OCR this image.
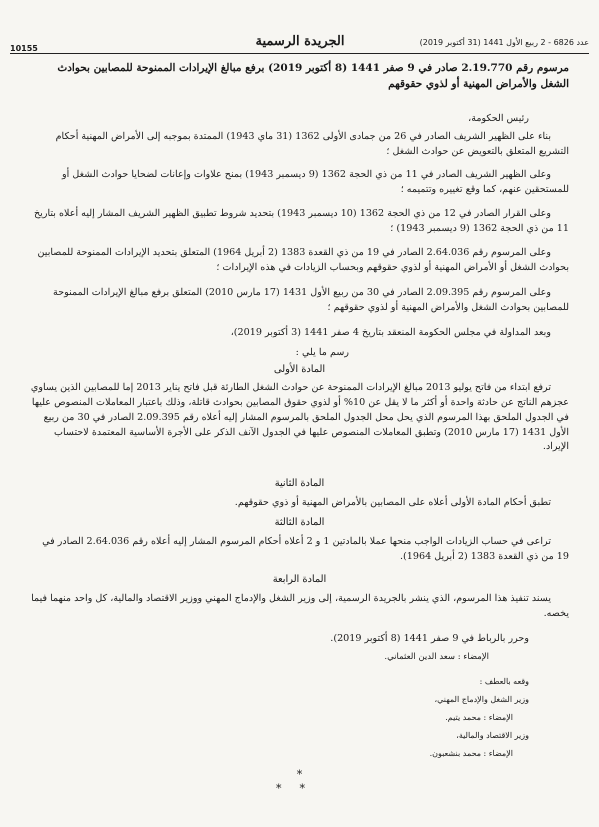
10155	الجريدة الرسمية	عدد 6826 - 2 ربيع الأول 1441 (31 أكتوبر 2019)
مرسوم رقم 2.19.770 صادر في 9 صفر 1441 (8 أكتوبر 2019) برفع مبالغ الإيرادات الممنوحة للمصابين بحوادث الشغل والأمراض المهنية أو لذوي حقوقهم
رئيس الحكومة،
بناء على الظهير الشريف الصادر في 26 من جمادى الأولى 1362 (31 ماي 1943) الممتدة بموجبه إلى الأمراض المهنية أحكام التشريع المتعلق بالتعويض عن حوادث الشغل ؛
وعلى الظهير الشريف الصادر في 11 من ذي الحجة 1362 (9 ديسمبر 1943) بمنح علاوات وإعانات لضحايا حوادث الشغل أو للمستحقين عنهم، كما وقع تغييره وتتميمه ؛
وعلى القرار الصادر في 12 من ذي الحجة 1362 (10 ديسمبر 1943) بتحديد شروط تطبيق الظهير الشريف المشار إليه أعلاه بتاريخ 11 من ذي الحجة 1362 (9 ديسمبر 1943) ؛
وعلى المرسوم رقم 2.64.036 الصادر في 19 من ذي القعدة 1383 (2 أبريل 1964) المتعلق بتحديد الإيرادات الممنوحة للمصابين بحوادث الشغل أو الأمراض المهنية أو لذوي حقوقهم وبحساب الزيادات في هذه الإيرادات ؛
وعلى المرسوم رقم 2.09.395 الصادر في 30 من ربيع الأول 1431 (17 مارس 2010) المتعلق برفع مبالغ الإيرادات الممنوحة للمصابين بحوادث الشغل والأمراض المهنية أو لذوي حقوقهم ؛
وبعد المداولة في مجلس الحكومة المنعقد بتاريخ 4 صفر 1441 (3 أكتوبر 2019)،
رسم ما يلي :
المادة الأولى
ترفع ابتداء من فاتح يوليو 2013 مبالغ الإيرادات الممنوحة عن حوادث الشغل الطارئة قبل فاتح يناير 2013 إما للمصابين الذين يساوي عجزهم الناتج عن حادثة واحدة أو أكثر ما لا يقل عن 10% أو لذوي حقوق المصابين بحوادث قاتلة، وذلك باعتبار المعاملات المنصوص عليها في الجدول الملحق بهذا المرسوم الذي يحل محل الجدول الملحق بالمرسوم المشار إليه أعلاه رقم 2.09.395 الصادر في 30 من ربيع الأول 1431 (17 مارس 2010) وتطبق المعاملات المنصوص عليها في الجدول الآنف الذكر على الأجرة الأساسية المعتمدة لاحتساب الإيراد.
المادة الثانية
تطبق أحكام المادة الأولى أعلاه على المصابين بالأمراض المهنية أو ذوي حقوقهم.
المادة الثالثة
تراعى في حساب الزيادات الواجب منحها عملا بالمادتين 1 و 2 أعلاه أحكام المرسوم المشار إليه أعلاه رقم 2.64.036 الصادر في 19 من ذي القعدة 1383 (2 أبريل 1964).
المادة الرابعة
يسند تنفيذ هذا المرسوم، الذي ينشر بالجريدة الرسمية، إلى وزير الشغل والإدماج المهني ووزير الاقتصاد والمالية، كل واحد منهما فيما يخصه.
وحرر بالرباط في 9 صفر 1441 (8 أكتوبر 2019).
الإمضاء : سعد الدين العثماني.
وقعه بالعطف :
وزير الشغل والإدماج المهني،
الإمضاء : محمد يتيم.
وزير الاقتصاد والمالية،
الإمضاء : محمد بنشعبون.
*
**
